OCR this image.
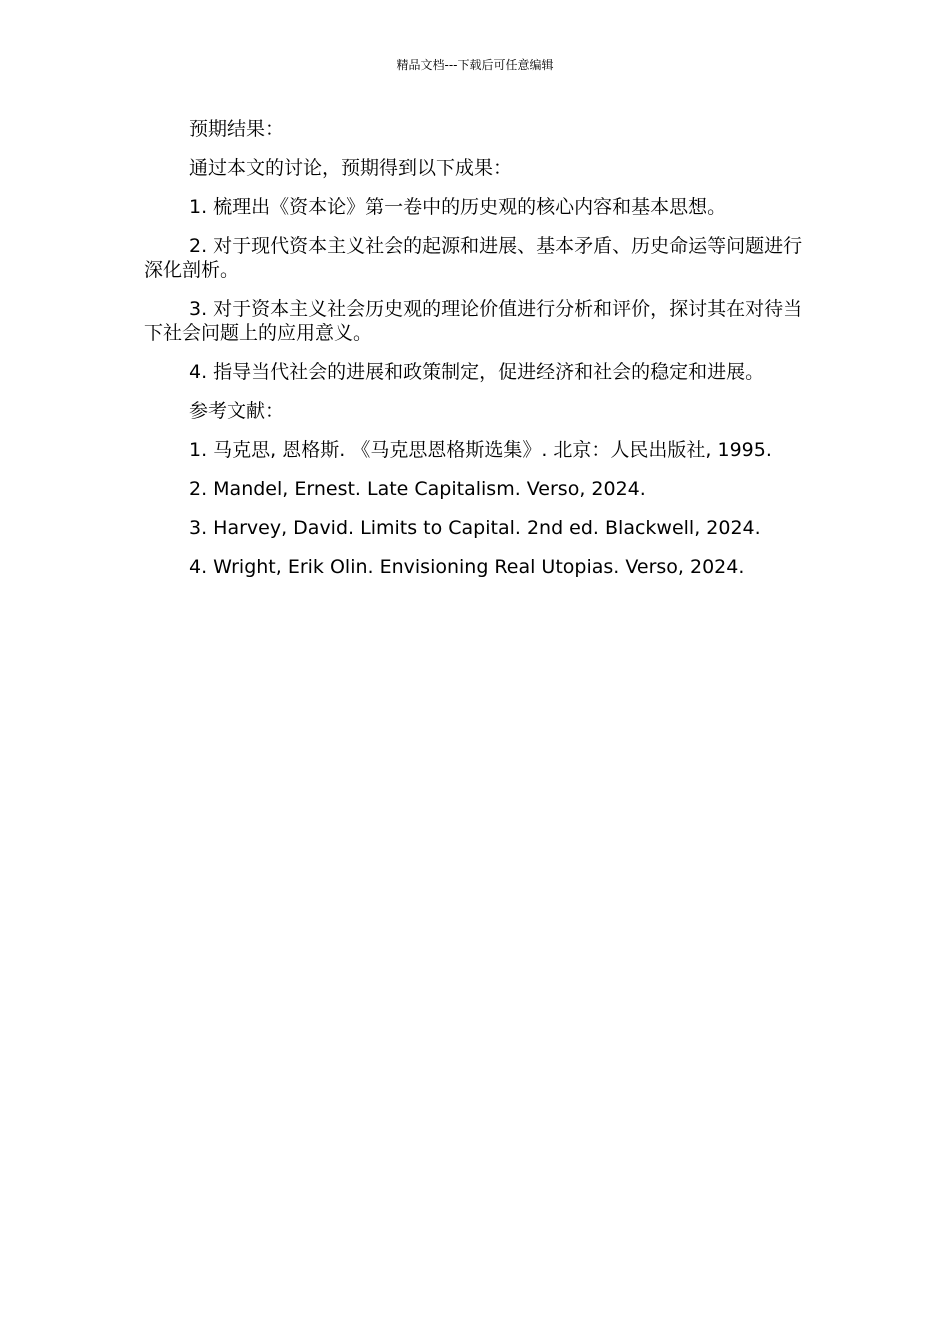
精品文档---下载后可任意编辑

预期结果：

通过本文的讨论，预期得到以下成果：

1. 梳理出《资本论》第一卷中的历史观的核心内容和基本思想。

2. 对于现代资本主义社会的起源和进展、基本矛盾、历史命运等问题进行深化剖析。

3. 对于资本主义社会历史观的理论价值进行分析和评价，探讨其在对待当下社会问题上的应用意义。

4. 指导当代社会的进展和政策制定，促进经济和社会的稳定和进展。

参考文献：

1. 马克思, 恩格斯. 《马克思恩格斯选集》. 北京：人民出版社, 1995.

2. Mandel, Ernest. Late Capitalism. Verso, 2024.

3. Harvey, David. Limits to Capital. 2nd ed. Blackwell, 2024.

4. Wright, Erik Olin. Envisioning Real Utopias. Verso, 2024.
